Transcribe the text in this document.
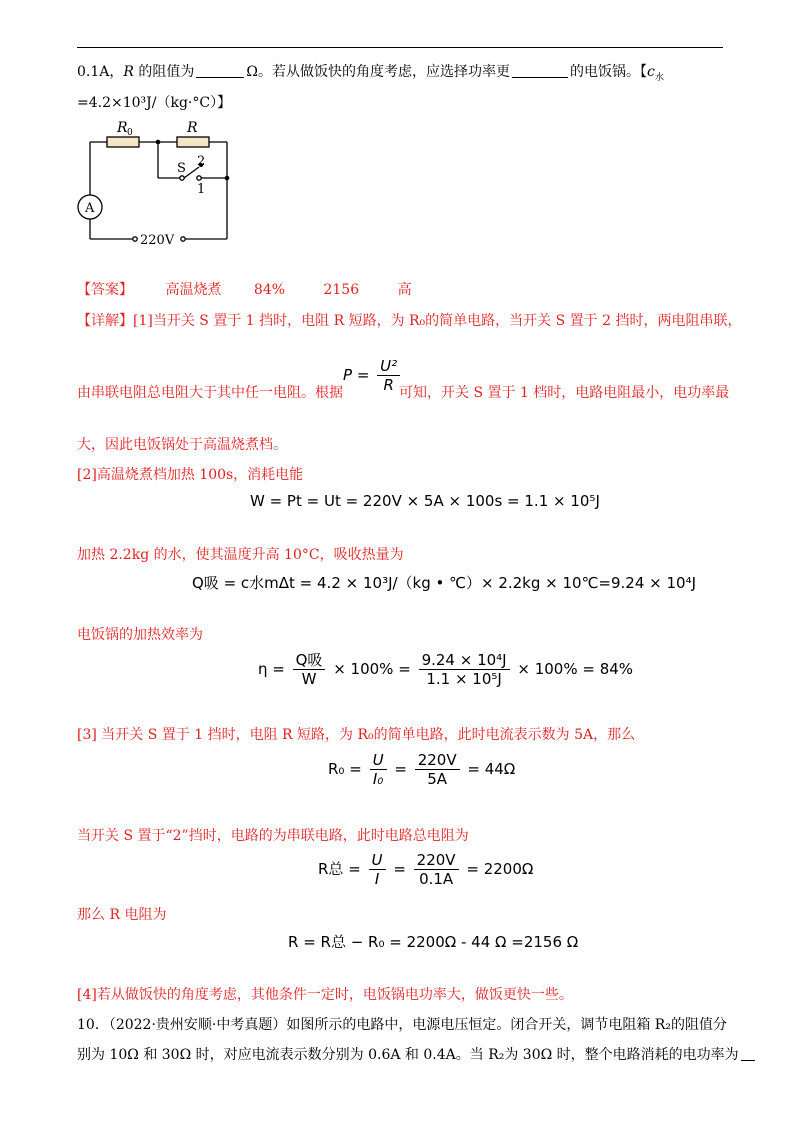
0.1A，R 的阻值为	Ω。若从做饭快的角度考虑，应选择功率更	的电饭锅。【$c_水$
=4.2×10³J/（kg·°C）】
R 0	R
S 2
1
A
220V
【答案】 高温烧煮 84%	2156	高
【详解】[1]当开关 S 置于 1 挡时，电阻 R 短路，为 R₀的简单电路，当开关 S 置于 2 挡时，两电阻串联，
由串联电阻总电阻大于其中任一电阻。根据
$P = \frac{\text{U²}}{R}$
可知，开关 S 置于 1 档时，电路电阻最小，电功率最
大，因此电饭锅处于高温烧煮档。
[2]高温烧煮档加热 100s，消耗电能
W = Pt = Ut = 220V × 5A × 100s = 1.1 × 10⁵J
加热 2.2kg 的水，使其温度升高 10°C，吸收热量为
Q吸 = c水mΔt = 4.2 × 10³J/（kg • ℃）× 2.2kg × 10℃=9.24 × 10⁴J
电饭锅的加热效率为
$\eta = \frac{\text{Q吸}}{W} \times 100\% = \frac{\text{9.24 × 10⁴J}}{\text{1.1 × 10⁵J}} \times 100\% = 84\%$
[3] 当开关 S 置于 1 挡时，电阻 R 短路，为 R₀的简单电路，此时电流表示数为 5A，那么
$R_0 = \frac{U}{\text{I₀}} = \frac{220V}{5A} = 44\Omega$
当开关 S 置于“2”挡时，电路的为串联电路，此时电路总电阻为
R总 = $\frac{U}{I} = \frac{220V}{0.1A} = 2200\Omega$
那么 R 电阻为
R = R总 − R₀ = 2200Ω - 44 Ω =2156 Ω
[4]若从做饭快的角度考虑，其他条件一定时，电饭锅电功率大，做饭更快一些。
10．（2022·贵州安顺·中考真题）如图所示的电路中，电源电压恒定。闭合开关，调节电阻箱 R₂的阻值分
别为 10Ω 和 30Ω 时，对应电流表示数分别为 0.6A 和 0.4A。当 R₂为 30Ω 时，整个电路消耗的电功率为
